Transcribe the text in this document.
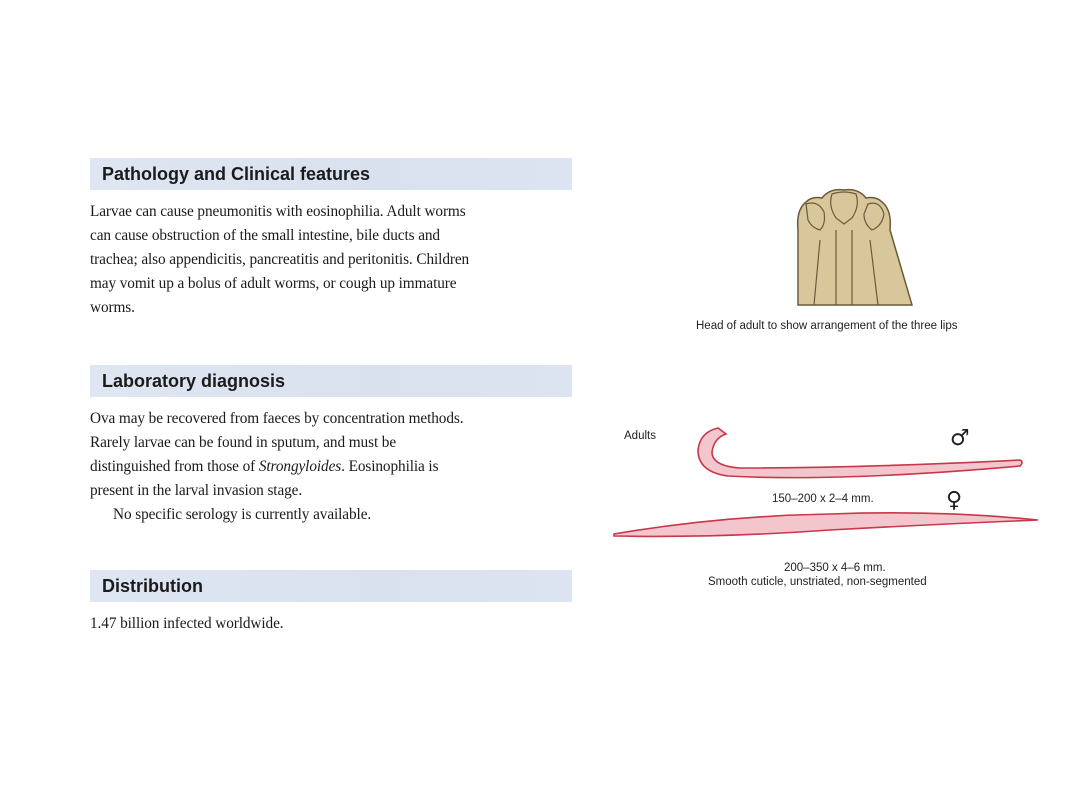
Pathology and Clinical features

Larvae can cause pneumonitis with eosinophilia. Adult worms

can cause obstruction of the small intestine, bile ducts and

trachea; also appendicitis, pancreatitis and peritonitis. Children

may vomit up a bolus of adult worms, or cough up immature

worms.

Laboratory diagnosis

Ova may be recovered from faeces by concentration methods.

Rarely larvae can be found in sputum, and must be

distinguished from those of Strongyloides. Eosinophilia is

present in the larval invasion stage.

No specific serology is currently available.

Distribution

1.47 billion infected worldwide.

Head of adult to show arrangement of the three lips
Adults	♂
150–200 x 2–4 mm.	♀
200–350 x 4–6 mm.
Smooth cuticle, unstriated, non-segmented
